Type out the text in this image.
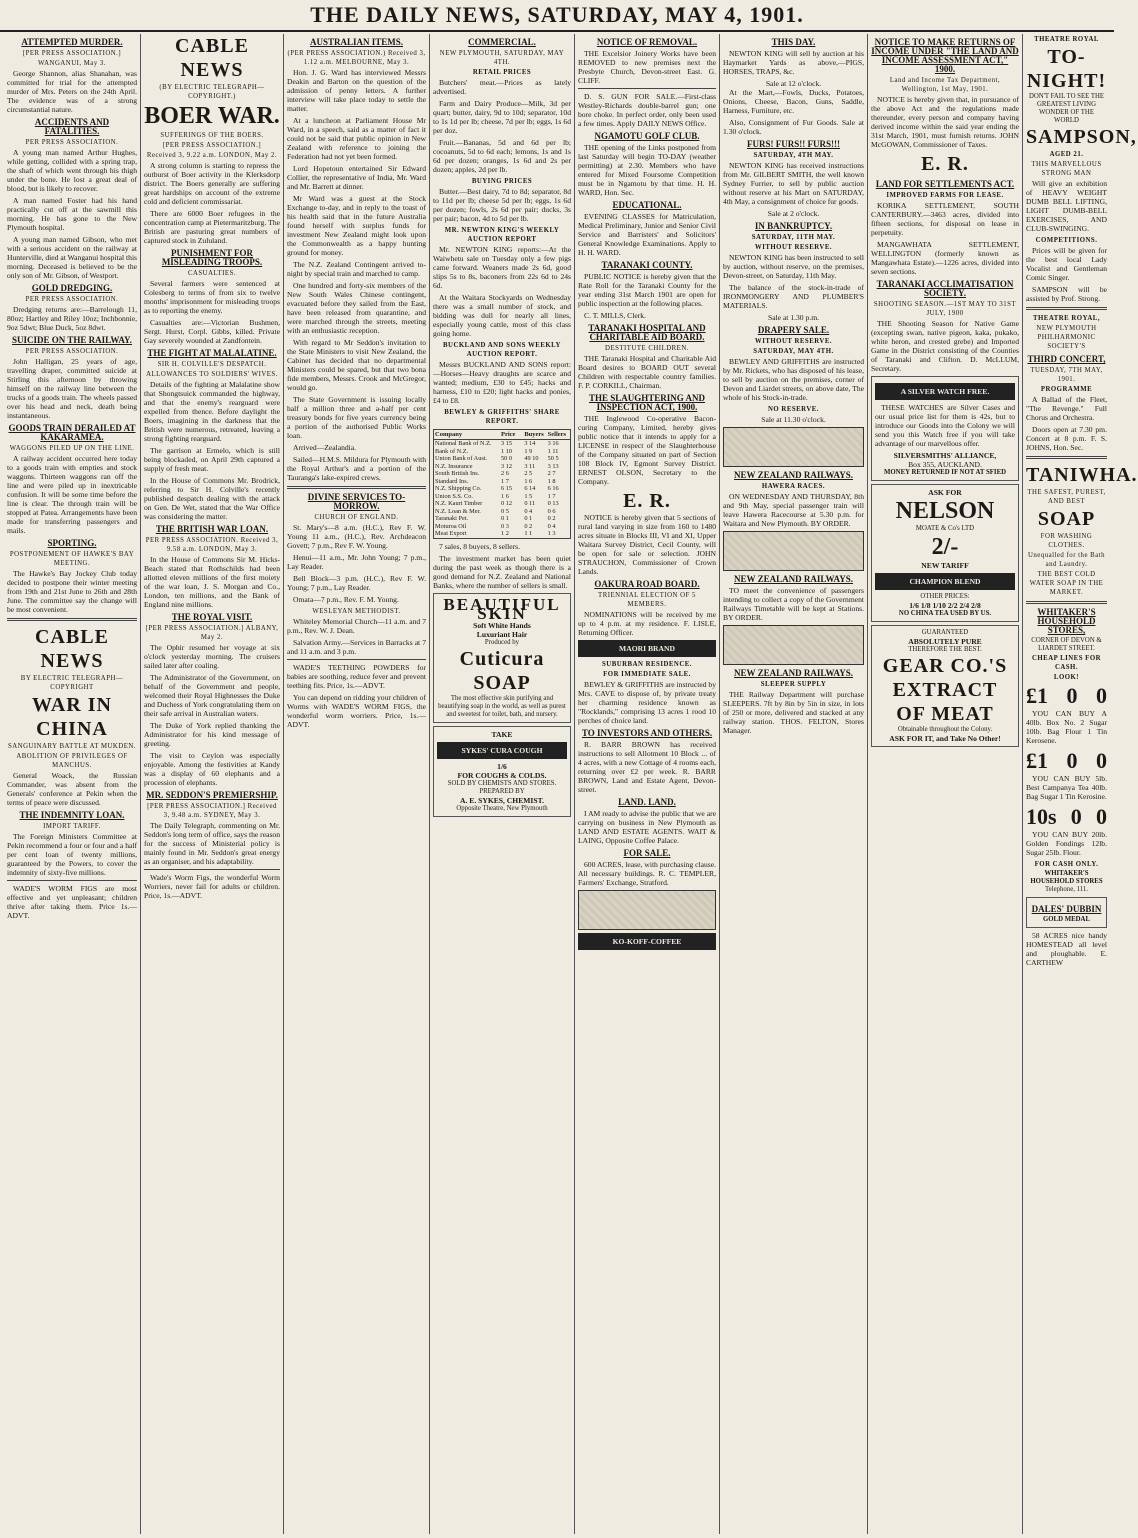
THE DAILY NEWS, SATURDAY, MAY 4, 1901.
ATTEMPTED MURDER.
[PER PRESS ASSOCIATION.]
WANGANUI, May 3.

George Shannon, alias Shanahan, was committed for trial for the attempted murder of Mrs. Peters on the 24th April. The evidence was of a strong circumstantial nature.

ACCIDENTS AND FATALITIES.
PER PRESS ASSOCIATION.

A young man named Arthur Hughes, while getting, collided with a spring trap, the shaft of which went through his thigh under the bone. He lost a great deal of blood, but is likely to recover.

A man named Foster had his hand practically cut off at the sawmill this morning. He has gone to the New Plymouth hospital.

A young man named Gibson, who met with a serious accident on the railway at Hunterville, died at Wanganui hospital this morning. Deceased is believed to be the only son of Mr. Gibson, of Westport.

GOLD DREDGING.
PER PRESS ASSOCIATION.

Dredging returns are:—Barrelough 11, 80oz; Hartley and Riley 10oz; Inchbonnie, 9oz 5dwt; Blue Duck, 5oz 8dwt.

SUICIDE ON THE RAILWAY.
PER PRESS ASSOCIATION.

John Halligan, 25 years of age, travelling draper, committed suicide at Stirling this afternoon by throwing himself on the railway line between the trucks of a goods train. The wheels passed over his head and neck, death being instantaneous.

GOODS TRAIN DERAILED AT KAKARAMEA.
WAGGONS PILED UP ON THE LINE.

A railway accident occurred here today to a goods train with empties and stock waggons. Thirteen waggons ran off the line and were piled up in inextricable confusion. It will be some time before the line is clear. The through train will be stopped at Patea. Arrangements have been made for transferring passengers and mails.

SPORTING.
POSTPONEMENT OF HAWKE'S BAY MEETING.

The Hawke's Bay Jockey Club today decided to postpone their winter meeting from 19th and 21st June to 26th and 28th June. The committee say the change will be most convenient.

CABLE NEWS
BY ELECTRIC TELEGRAPH—COPYRIGHT
WAR IN CHINA
SANGUINARY BATTLE AT MUKDEN.
ABOLITION OF PRIVILEGES OF MANCHUS.

General Woack, the Russian Commander, was absent from the Generals' conference at Pekin when the terms of peace were discussed.

THE INDEMNITY LOAN.
IMPORT TARIFF.

The Foreign Ministers Committee at Pekin recommend a four or four and a half per cent loan of twenty millions, guaranteed by the Powers, to cover the indemnity of sixty-five millions.

WADE'S WORM FIGS are most effective and yet unpleasant; children thrive after taking them. Price 1s.—ADVT.

CABLE NEWS
(BY ELECTRIC TELEGRAPH—COPYRIGHT.)
BOER WAR.
SUFFERINGS OF THE BOERS.
[PER PRESS ASSOCIATION.]
Received 3, 9.22 a.m. LONDON, May 2.

A strong column is starting to repress the outburst of Boer activity in the Klerksdorp district. The Boers generally are suffering great hardships on account of the extreme cold and deficient commissariat.

There are 6000 Boer refugees in the concentration camp at Pietermaritzburg. The British are pasturing great numbers of captured stock in Zululand.

PUNISHMENT FOR MISLEADING TROOPS.
CASUALTIES.

Several farmers were sentenced at Colesberg to terms of from six to twelve months' imprisonment for misleading troops as to reporting the enemy.

Casualties are:—Victorian Bushmen, Sergt. Hurst, Corpl. Gibbs, killed. Private Gay severely wounded at Zandfontein.

THE FIGHT AT MALALATINE.
SIR H. COLVILLE'S DESPATCH.
ALLOWANCES TO SOLDIERS' WIVES.

Details of the fighting at Malalatine show that Shongtsuick commanded the highway, and that the enemy's rearguard were expelled from thence. Before daylight the Boers, imagining in the darkness that the British were numerous, retreated, leaving a strong fighting rearguard.

The garrison at Ermelo, which is still being blockaded, on April 29th captured a supply of fresh meat.

In the House of Commons Mr. Brodrick, referring to Sir H. Colville's recently published despatch dealing with the attack on Gen. De Wet, stated that the War Office was considering the matter.

THE BRITISH WAR LOAN.
PER PRESS ASSOCIATION. Received 3, 9.58 a.m. LONDON, May 3.

In the House of Commons Sir M. Hicks-Beach stated that Rothschilds had been allotted eleven millions of the first moiety of the war loan, J. S. Morgan and Co., London, ten millions, and the Bank of England nine millions.

THE ROYAL VISIT.
[PER PRESS ASSOCIATION.] ALBANY, May 2.

The Ophir resumed her voyage at six o'clock yesterday morning. The cruisers sailed later after coaling.

The Administrator of the Government, on behalf of the Government and people, welcomed their Royal Highnesses the Duke and Duchess of York congratulating them on their safe arrival in Australian waters.

The Duke of York replied thanking the Administrator for his kind message of greeting.

The visit to Ceylon was especially enjoyable. Among the festivities at Kandy was a display of 60 elephants and a procession of elephants.

MR. SEDDON'S PREMIERSHIP.
[PER PRESS ASSOCIATION.] Received 3, 9.48 a.m. SYDNEY, May 3.

The Daily Telegraph, commenting on Mr. Seddon's long term of office, says the reason for the success of Ministerial policy is mainly found in Mr. Seddon's great energy as an organiser, and his adaptability.

Wade's Worm Figs, the wonderful Worm Worriers, never fail for adults or children. Price, 1s.—ADVT.

AUSTRALIAN ITEMS.
(PER PRESS ASSOCIATION.) Received 3, 1.12 a.m. MELBOURNE, May 3.

Hon. J. G. Ward has interviewed Messrs Deakin and Barton on the question of the admission of penny letters. A further interview will take place today to settle the matter.

At a luncheon at Parliament House Mr Ward, in a speech, said as a matter of fact it could not be said that public opinion in New Zealand with reference to joining the Federation had not yet been formed.

Lord Hopetoun entertained Sir Edward Collier, the representative of India, Mr. Ward and Mr. Barrett at dinner.

Mr Ward was a guest at the Stock Exchange to-day, and in reply to the toast of his health said that in the future Australia found herself with surplus funds for investment New Zealand might look upon the Commonwealth as a happy hunting ground for money.

The N.Z. Zealand Contingent arrived to-night by special train and marched to camp.

One hundred and forty-six members of the New South Wales Chinese contingent, evacuated before they sailed from the East, have been released from quarantine, and were marched through the streets, meeting with an enthusiastic reception.

With regard to Mr Seddon's invitation to the State Ministers to visit New Zealand, the Cabinet has decided that no departmental Ministers could be spared, but that two bona fide members, Messrs. Crook and McGregor, would go.

The State Government is issuing locally half a million three and a-half per cent treasury bonds for five years currency being a portion of the authorised Public Works loan.

Arrived—Zealandia.

Sailed—H.M.S. Mildura for Plymouth with the Royal Arthur's and a portion of the Tauranga's lake-expired crews.

DIVINE SERVICES TO-MORROW.
CHURCH OF ENGLAND.

St. Mary's—8 a.m. (H.C.), Rev F. W. Young 11 a.m., (H.C.), Rev. Archdeacon Govett; 7 p.m., Rev F. W. Young.

Henui—11 a.m., Mr. John Young; 7 p.m., Lay Reader.

Bell Block—3 p.m. (H.C.), Rev F. W. Young; 7 p.m., Lay Reader.

Omata—7 p.m., Rev. F. M. Young.

WESLEYAN METHODIST.

Whiteley Memorial Church—11 a.m. and 7 p.m., Rev. W. J. Dean.

Salvation Army.—Services in Barracks at 7 and 11 a.m. and 3 p.m.

WADE'S TEETHING POWDERS for babies are soothing, reduce fever and prevent teething fits. Price, 1s.—ADVT.

You can depend on ridding your children of Worms with WADE'S WORM FIGS, the wonderful worm worriers. Price, 1s.—ADVT.

COMMERCIAL.
NEW PLYMOUTH, SATURDAY, MAY 4TH.
RETAIL PRICES

Butchers' meat.—Prices as lately advertised.

Farm and Dairy Produce—Milk, 3d per quart; butter, dairy, 9d to 10d; separator, 10d to 1s 1d per lb; cheese, 7d per lb; eggs, 1s 6d per doz.

Fruit.—Bananas, 5d and 6d per lb; cocoanuts, 5d to 6d each; lemons, 1s and 1s 6d per dozen; oranges, 1s 6d and 2s per dozen; apples, 2d per lb.

BUYING PRICES

Butter.—Best dairy, 7d to 8d; separator, 8d to 11d per lb; cheese 5d per lb; eggs, 1s 6d per dozen; fowls, 2s 6d per pair; ducks, 3s per pair; bacon, 4d to 5d per lb.

MR. NEWTON KING'S WEEKLY AUCTION REPORT

Mr. NEWTON KING reports:—At the Waiwhetu sale on Tuesday only a few pigs came forward. Weaners made 2s 6d, good slips 5s to 8s, baconers from 22s 6d to 24s 6d.

At the Waitara Stockyards on Wednesday there was a small number of stock, and bidding was dull for nearly all lines, especially young cattle, most of this class going home.

BUCKLAND AND SONS WEEKLY AUCTION REPORT.

Messrs BUCKLAND AND SONS report:—Horses—Heavy draughts are scarce and wanted; medium, £30 to £45; hacks and harness, £10 to £20; light hacks and ponies, £4 to £8.

BEWLEY & GRIFFITHS' SHARE REPORT.
Company	Price	Buyers Sellers
National Bank of N.Z.	3 15	3 14	3 16
Bank of N.Z.	1 10	1 9	1 11
Union Bank of Aust.	50 0	49 10	50 5
N.Z. Insurance	3 12	3 11	3 13
South British Ins.	2 6	2 5	2 7
Standard Ins.	1 7	1 6	1 8
N.Z. Shipping Co.	6 15	6 14	6 16
Union S.S. Co.	1 6	1 5	1 7
N.Z. Kauri Timber	0 12	0 11	0 13
N.Z. Loan & Mer.	0 5	0 4	0 6
Taranaki Pet.	0 1	0 1	0 2
Moturoa Oil	0 3	0 2	0 4
Meat Export	1 2	1 1	1 3

7 sales, 8 buyers, 8 sellers.

The investment market has been quiet during the past week as though there is a good demand for N.Z. Zealand and National Banks, where the number of sellers is small.

BEAUTIFUL SKIN
Soft White Hands
Luxuriant Hair
Produced by
Cuticura SOAP
The most effective skin purifying and beautifying soap in the world, as well as purest and sweetest for toilet, bath, and nursery.
TAKE
SYKES' CURA COUGH
1/6
FOR COUGHS & COLDS.
SOLD BY CHEMISTS AND STORES.
PREPARED BY
A. E. SYKES, CHEMIST.
Opposite Theatre, New Plymouth
NOTICE OF REMOVAL.

THE Excelsior Joinery Works have been REMOVED to new premises next the Presbyte Church, Devon-street East. G. CLIFF.

D. S. GUN FOR SALE.—First-class Westley-Richards double-barrel gun; one bore choke. In perfect order, only been used a few times. Apply DAILY NEWS Office.

NGAMOTU GOLF CLUB.

THE opening of the Links postponed from last Saturday will begin TO-DAY (weather permitting) at 2.30. Members who have entered for Mixed Foursome Competition must be in Ngamotu by that time. H. H. WARD, Hon. Sec.

EDUCATIONAL.

EVENING CLASSES for Matriculation, Medical Preliminary, Junior and Senior Civil Service and Barristers' and Solicitors' General Knowledge Examinations. Apply to H. H. WARD.

TARANAKI COUNTY.

PUBLIC NOTICE is hereby given that the Rate Roll for the Taranaki County for the year ending 31st March 1901 are open for public inspection at the following places.

C. T. MILLS, Clerk.

TARANAKI HOSPITAL AND CHARITABLE AID BOARD.
DESTITUTE CHILDREN.

THE Taranaki Hospital and Charitable Aid Board desires to BOARD OUT several Children with respectable country families. F. P. CORKILL, Chairman.

THE SLAUGHTERING AND INSPECTION ACT, 1900.

THE Inglewood Co-operative Bacon-curing Company, Limited, hereby gives public notice that it intends to apply for a LICENSE in respect of the Slaughterhouse of the Company situated on part of Section 108 Block IV, Egmont Survey District. ERNEST OLSON, Secretary to the Company.

E. R.

NOTICE is hereby given that 5 sections of rural land varying in size from 160 to 1480 acres situate in Blocks III, VI and XI, Upper Waitara Survey District, Cecil County, will be open for sale or selection. JOHN STRAUCHON, Commissioner of Crown Lands.

OAKURA ROAD BOARD.
TRIENNIAL ELECTION OF 5 MEMBERS.

NOMINATIONS will be received by me up to 4 p.m. at my residence. F. LISLE, Returning Officer.

MAORI BRAND
SUBURBAN RESIDENCE.
FOR IMMEDIATE SALE.

BEWLEY & GRIFFITHS are instructed by Mrs. CAVE to dispose of, by private treaty her charming residence known as "Rocklands," comprising 13 acres 1 rood 10 perches of choice land.

TO INVESTORS AND OTHERS.

R. BARR BROWN has received instructions to sell Allotment 10 Block ... of 4 acres, with a new Cottage of 4 rooms each, returning over £2 per week. R. BARR BROWN, Land and Estate Agent, Devon-street.

LAND. LAND.

I AM ready to advise the public that we are carrying on business in New Plymouth as LAND AND ESTATE AGENTS. WAIT & LAING, Opposite Coffee Palace.

FOR SALE.

600 ACRES, lease, with purchasing clause. All necessary buildings. R. C. TEMPLER, Farmers' Exchange, Stratford.

KO-KOFF-COFFEE
THIS DAY.

NEWTON KING will sell by auction at his Haymarket Yards as above,—PIGS, HORSES, TRAPS, &c.

Sale at 12 o'clock.

At the Mart,—Fowls, Ducks, Potatoes, Onions, Cheese, Bacon, Guns, Saddle, Harness, Furniture, etc.

Also, Consignment of Fur Goods. Sale at 1.30 o'clock.

FURS! FURS!! FURS!!!
SATURDAY, 4TH MAY.

NEWTON KING has received instructions from Mr. GILBERT SMITH, the well known Sydney Furrier, to sell by public auction without reserve at his Mart on SATURDAY, 4th May, a consignment of choice fur goods.

Sale at 2 o'clock.
IN BANKRUPTCY.
SATURDAY, 11TH MAY.
WITHOUT RESERVE.

NEWTON KING has been instructed to sell by auction, without reserve, on the premises, Devon-street, on Saturday, 11th May.

The balance of the stock-in-trade of IRONMONGERY AND PLUMBER'S MATERIALS.

Sale at 1.30 p.m.
DRAPERY SALE.
WITHOUT RESERVE.
SATURDAY, MAY 4TH.

BEWLEY AND GRIFFITHS are instructed by Mr. Rickets, who has disposed of his lease, to sell by auction on the premises, corner of Devon and Liardet streets, on above date, The whole of his Stock-in-trade.

NO RESERVE.
Sale at 11.30 o'clock.
NEW ZEALAND RAILWAYS.
HAWERA RACES.

ON WEDNESDAY AND THURSDAY, 8th and 9th May, special passenger train will leave Hawera Racecourse at 5.30 p.m. for Waitara and New Plymouth. BY ORDER.

NEW ZEALAND RAILWAYS.

TO meet the convenience of passengers intending to collect a copy of the Government Railways Timetable will be kept at Stations. BY ORDER.

NEW ZEALAND RAILWAYS.
SLEEPER SUPPLY

THE Railway Department will purchase SLEEPERS. 7ft by 8in by 5in in size, in lots of 250 or more, delivered and stacked at any railway station. THOS. FELTON, Stores Manager.

NOTICE TO MAKE RETURNS OF INCOME UNDER "THE LAND AND INCOME ASSESSMENT ACT," 1900.
Land and Income Tax Department, Wellington, 1st May, 1901.

NOTICE is hereby given that, in pursuance of the above Act and the regulations made thereunder, every person and company having derived income within the said year ending the 31st March, 1901, must furnish returns. JOHN McGOWAN, Commissioner of Taxes.

E. R.
LAND FOR SETTLEMENTS ACT.
IMPROVED FARMS FOR LEASE.

KORIKA SETTLEMENT, SOUTH CANTERBURY.—3463 acres, divided into fifteen sections, for disposal on lease in perpetuity.

MANGAWHATA SETTLEMENT, WELLINGTON (formerly known as Mangawhata Estate).—1226 acres, divided into seven sections.

TARANAKI ACCLIMATISATION SOCIETY.
SHOOTING SEASON.—1ST MAY TO 31ST JULY, 1900

THE Shooting Season for Native Game (excepting swan, native pigeon, kaka, pukako, white heron, and crested grebe) and Imported Game in the District consisting of the Counties of Taranaki and Clifton. D. McLLUM, Secretary.

A SILVER WATCH FREE.

THESE WATCHES are Silver Cases and our usual price list for them is 42s, but to introduce our Goods into the Colony we will send you this Watch free if you will take advantage of our marvellous offer.

SILVERSMITHS' ALLIANCE,
Box 355, AUCKLAND.
MONEY RETURNED IF NOT AT SFIED
ASK FOR
NELSON
MOATE & Co's LTD
2/-
NEW TARIFF
CHAMPION BLEND
OTHER PRICES:
1/6 1/8 1/10 2/2 2/4 2/8
NO CHINA TEA USED BY US.
GUARANTEED
ABSOLUTELY PURE
THEREFORE THE BEST.
GEAR CO.'S
EXTRACT OF MEAT
Obtainable throughout the Colony.
ASK FOR IT, and Take No Other!
THEATRE ROYAL
TO-NIGHT!
DON'T FAIL TO SEE THE GREATEST LIVING WONDER OF THE WORLD
SAMPSON,
AGED 21.
THIS MARVELLOUS STRONG MAN

Will give an exhibition of HEAVY WEIGHT DUMB BELL LIFTING, LIGHT DUMB-BELL EXERCISES, AND CLUB-SWINGING.

COMPETITIONS.

Prices will be given for the best local Lady Vocalist and Gentleman Comic Singer.

SAMPSON will be assisted by Prof. Strong.

THEATRE ROYAL,
NEW PLYMOUTH PHILHARMONIC SOCIETY'S
THIRD CONCERT,
TUESDAY, 7TH MAY, 1901.
PROGRAMME

A Ballad of the Fleet, "The Revenge." Full Chorus and Orchestra.

Doors open at 7.30 pm. Concert at 8 p.m. F. S. JOHNS, Hon. Sec.

TANIWHA.
THE SAFEST, PUREST, AND BEST
SOAP
FOR WASHING CLOTHES.
Unequalled for the Bath and Laundry.
THE BEST COLD WATER SOAP IN THE MARKET.
WHITAKER'S HOUSEHOLD STORES,
CORNER OF DEVON & LIARDET STREET.
CHEAP LINES FOR CASH.
LOOK!
£1 0 0

YOU CAN BUY A 40lb. Box No. 2 Sugar 10lb. Bag Flour 1 Tin Kerosene.

£1 0 0

YOU CAN BUY 5lb. Best Campanya Tea 40lb. Bag Sugar 1 Tin Kerosine.

10s 0 0

YOU CAN BUY 20lb. Golden Fondings 12lb. Sugar 25lb. Flour.

FOR CASH ONLY.
WHITAKER'S HOUSEHOLD STORES
Telephone, 111.
DALES' DUBBIN
GOLD MEDAL

58 ACRES nice handy HOMESTEAD all level and ploughable. E. CARTHEW
